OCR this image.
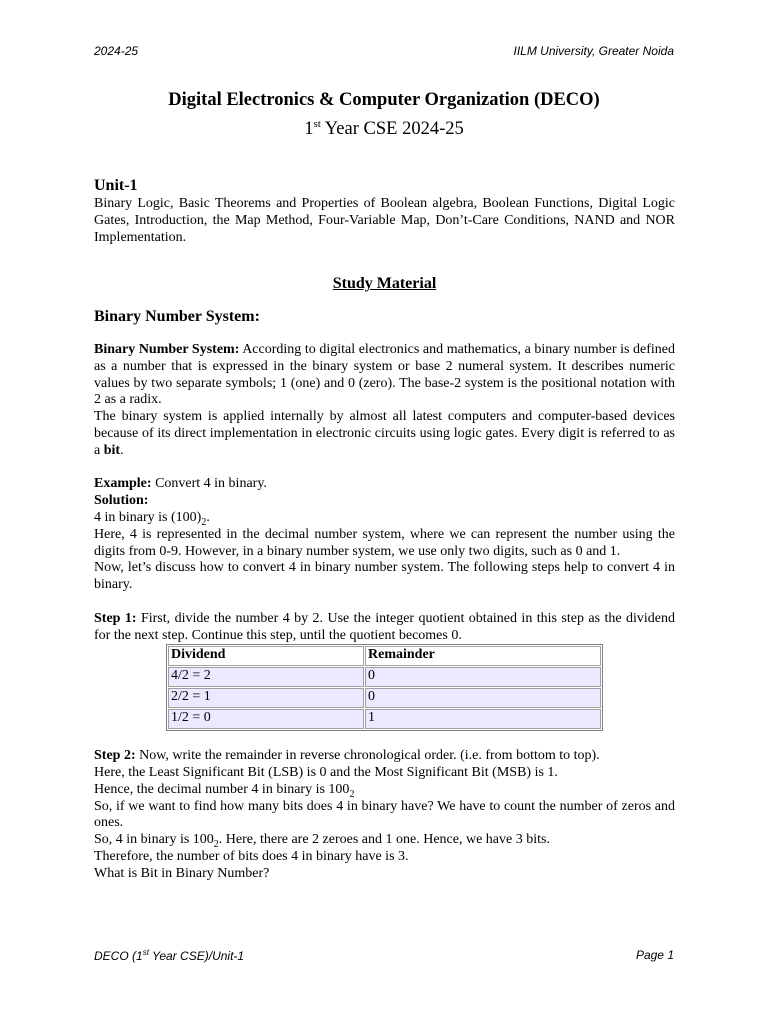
2024-25	IILM University, Greater Noida
Digital Electronics & Computer Organization (DECO)
1st Year CSE 2024-25
Unit-1

Binary Logic, Basic Theorems and Properties of Boolean algebra, Boolean Functions, Digital Logic Gates, Introduction, the Map Method, Four-Variable Map, Don’t-Care Conditions, NAND and NOR Implementation.

Study Material
Binary Number System:

Binary Number System: According to digital electronics and mathematics, a binary number is defined as a number that is expressed in the binary system or base 2 numeral system. It describes numeric values by two separate symbols; 1 (one) and 0 (zero). The base-2 system is the positional notation with 2 as a radix.

The binary system is applied internally by almost all latest computers and computer-based devices because of its direct implementation in electronic circuits using logic gates. Every digit is referred to as a bit.

Example: Convert 4 in binary.

Solution:

4 in binary is $(100)_2$.

Here, 4 is represented in the decimal number system, where we can represent the number using the digits from 0-9. However, in a binary number system, we use only two digits, such as 0 and 1.

Now, let’s discuss how to convert 4 in binary number system. The following steps help to convert 4 in binary.

Step 1: First, divide the number 4 by 2. Use the integer quotient obtained in this step as the dividend for the next step. Continue this step, until the quotient becomes 0.

Dividend	Remainder
4/2 = 2	0
2/2 = 1	0
1/2 = 0	1

Step 2: Now, write the remainder in reverse chronological order. (i.e. from bottom to top).

Here, the Least Significant Bit (LSB) is 0 and the Most Significant Bit (MSB) is 1.

Hence, the decimal number 4 in binary is $100_2$

So, if we want to find how many bits does 4 in binary have? We have to count the number of zeros and ones.

So, 4 in binary is $100_2$. Here, there are 2 zeroes and 1 one. Hence, we have 3 bits.

Therefore, the number of bits does 4 in binary have is 3.

What is Bit in Binary Number?

DECO (1st Year CSE)/Unit-1	Page 1
